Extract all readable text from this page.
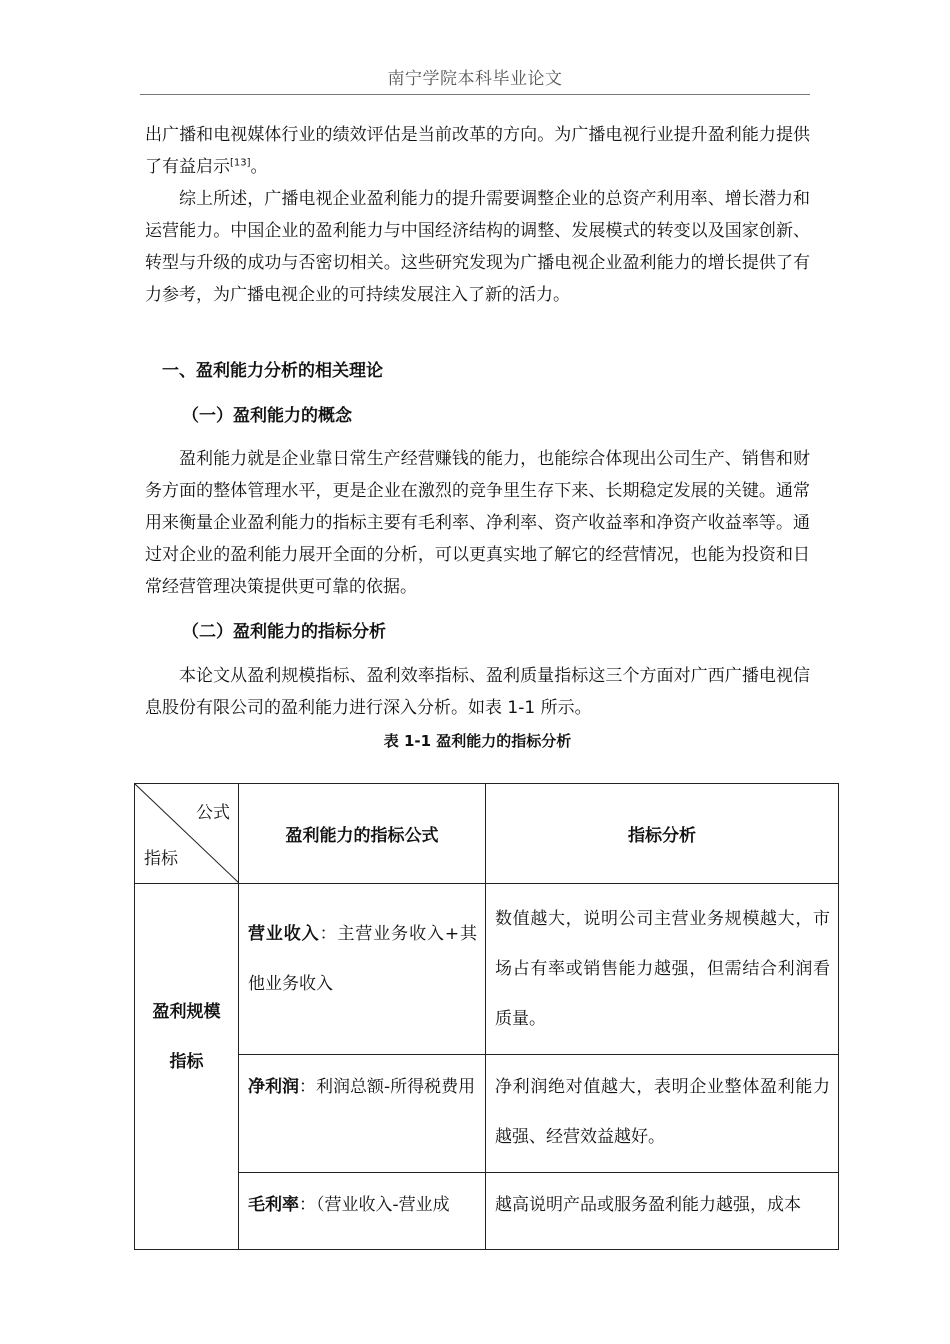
南宁学院本科毕业论文

出广播和电视媒体行业的绩效评估是当前改革的方向。为广播电视行业提升盈利能力提供了有益启示[13]。

综上所述，广播电视企业盈利能力的提升需要调整企业的总资产利用率、增长潜力和运营能力。中国企业的盈利能力与中国经济结构的调整、发展模式的转变以及国家创新、转型与升级的成功与否密切相关。这些研究发现为广播电视企业盈利能力的增长提供了有力参考，为广播电视企业的可持续发展注入了新的活力。

一、盈利能力分析的相关理论
（一）盈利能力的概念

盈利能力就是企业靠日常生产经营赚钱的能力，也能综合体现出公司生产、销售和财务方面的整体管理水平，更是企业在激烈的竞争里生存下来、长期稳定发展的关键。通常用来衡量企业盈利能力的指标主要有毛利率、净利率、资产收益率和净资产收益率等。通过对企业的盈利能力展开全面的分析，可以更真实地了解它的经营情况，也能为投资和日常经营管理决策提供更可靠的依据。

（二）盈利能力的指标分析

本论文从盈利规模指标、盈利效率指标、盈利质量指标这三个方面对广西广播电视信息股份有限公司的盈利能力进行深入分析。如表 1-1 所示。

表 1-1 盈利能力的指标分析
公式
指标	盈利能力的指标公式	指标分析

盈利规模指标	营业收入：主营业务收入+其他业务收入	数值越大，说明公司主营业务规模越大，市场占有率或销售能力越强，但需结合利润看质量。

	净利润：利润总额-所得税费用	净利润绝对值越大，表明企业整体盈利能力越强、经营效益越好。

	毛利率：（营业收入-营业成	越高说明产品或服务盈利能力越强，成本
